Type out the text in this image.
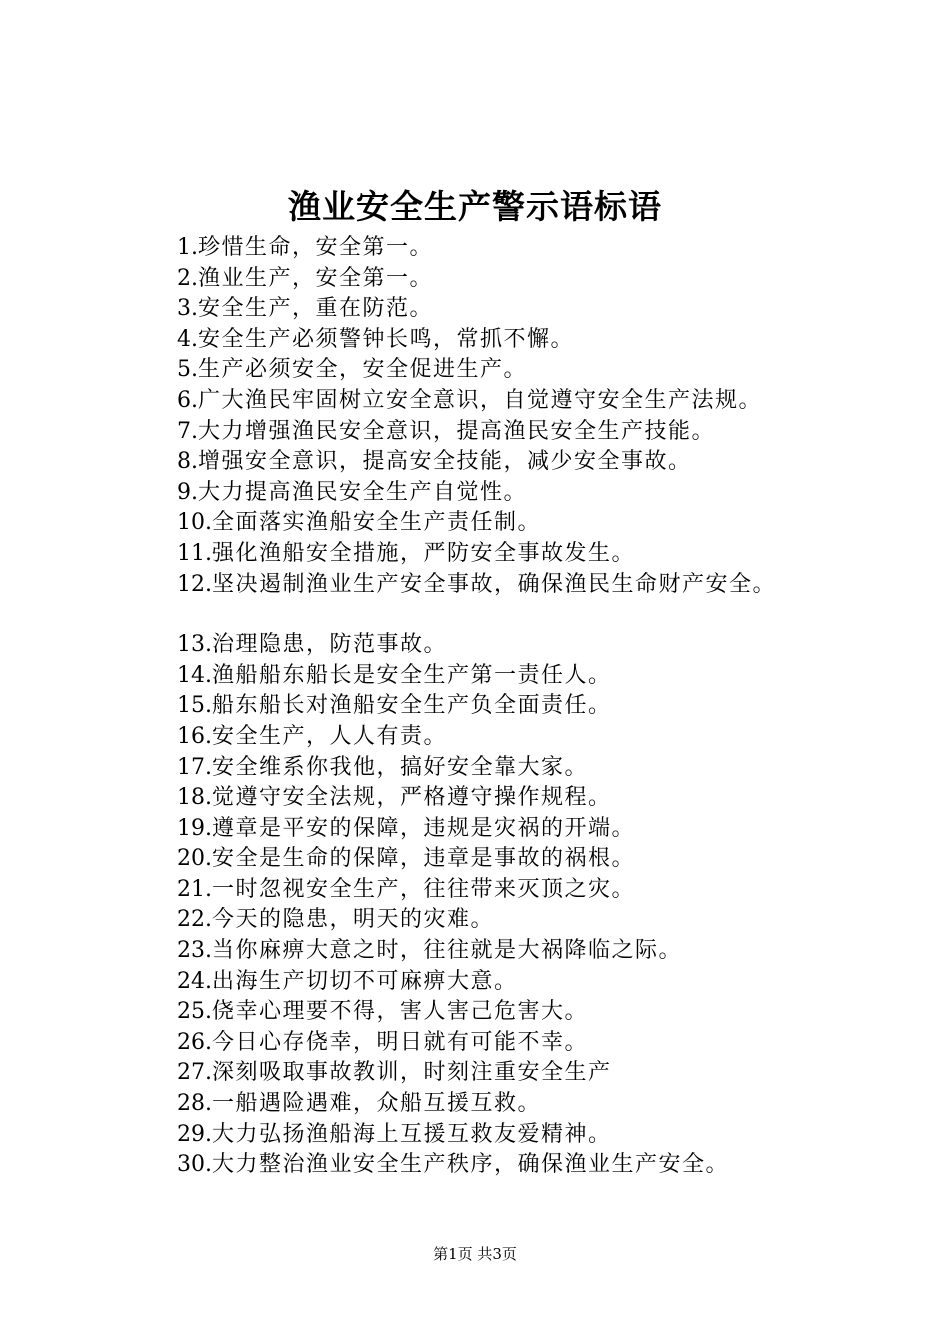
渔业安全生产警示语标语
1.珍惜生命，安全第一。
2.渔业生产，安全第一。
3.安全生产，重在防范。
4.安全生产必须警钟长鸣，常抓不懈。
5.生产必须安全，安全促进生产。
6.广大渔民牢固树立安全意识，自觉遵守安全生产法规。
7.大力增强渔民安全意识，提高渔民安全生产技能。
8.增强安全意识，提高安全技能，减少安全事故。
9.大力提高渔民安全生产自觉性。
10.全面落实渔船安全生产责任制。
11.强化渔船安全措施，严防安全事故发生。
12.坚决遏制渔业生产安全事故，确保渔民生命财产安全。
13.治理隐患，防范事故。
14.渔船船东船长是安全生产第一责任人。
15.船东船长对渔船安全生产负全面责任。
16.安全生产，人人有责。
17.安全维系你我他，搞好安全靠大家。
18.觉遵守安全法规，严格遵守操作规程。
19.遵章是平安的保障，违规是灾祸的开端。
20.安全是生命的保障，违章是事故的祸根。
21.一时忽视安全生产，往往带来灭顶之灾。
22.今天的隐患，明天的灾难。
23.当你麻痹大意之时，往往就是大祸降临之际。
24.出海生产切切不可麻痹大意。
25.侥幸心理要不得，害人害己危害大。
26.今日心存侥幸，明日就有可能不幸。
27.深刻吸取事故教训，时刻注重安全生产
28.一船遇险遇难，众船互援互救。
29.大力弘扬渔船海上互援互救友爱精神。
30.大力整治渔业安全生产秩序，确保渔业生产安全。
第1页 共3页
